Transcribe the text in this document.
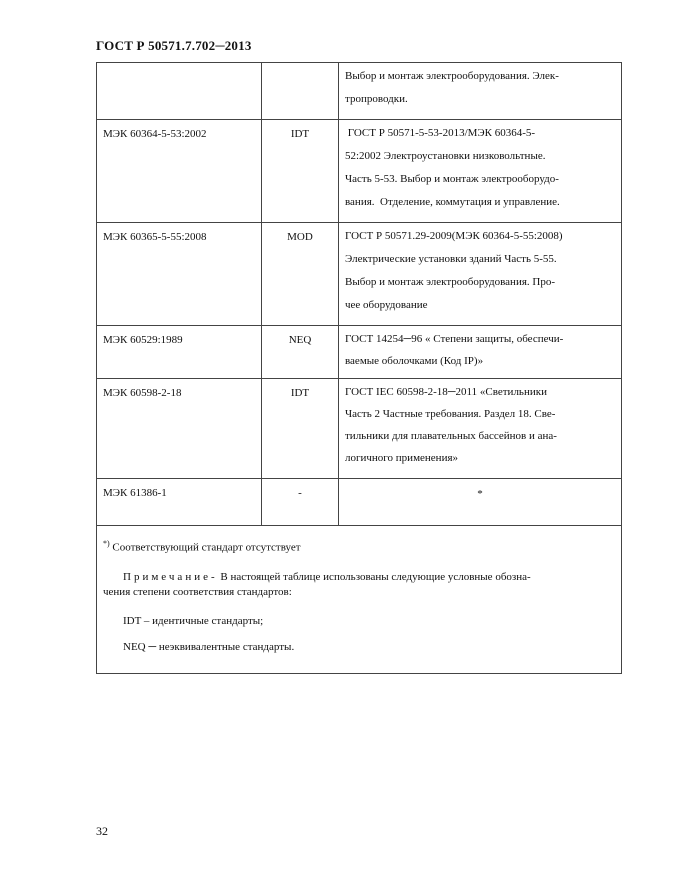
ГОСТ Р 50571.7.702─2013

		Выбор и монтаж электрооборудования. Элек-
тропроводки.

МЭК 60364-5-53:2002	IDT	ГОСТ Р 50571-5-53-2013/МЭК 60364-5-
52:2002 Электроустановки низковольтные.
Часть 5-53. Выбор и монтаж электрооборудо-
вания.  Отделение, коммутация и управление.

МЭК 60365-5-55:2008	MOD	ГОСТ Р 50571.29-2009(МЭК 60364-5-55:2008)
Электрические установки зданий Часть 5-55.
Выбор и монтаж электрооборудования. Про-
чее оборудование

МЭК 60529:1989	NEQ	ГОСТ 14254─96 « Степени защиты, обеспечи-
ваемые оболочками (Код IP)»

МЭК 60598-2-18	IDT	ГОСТ IEC 60598-2-18─2011 «Светильники
Часть 2 Частные требования. Раздел 18. Све-
тильники для плавательных бассейнов и ана-
логичного применения»

МЭК 61386-1	-	*

*) Соответствующий стандарт отсутствует

Примечание- В настоящей таблице использованы следующие условные обозна-
чения степени соответствия стандартов:

IDT – идентичные стандарты;

NEQ ─ неэквивалентные стандарты.		

32
